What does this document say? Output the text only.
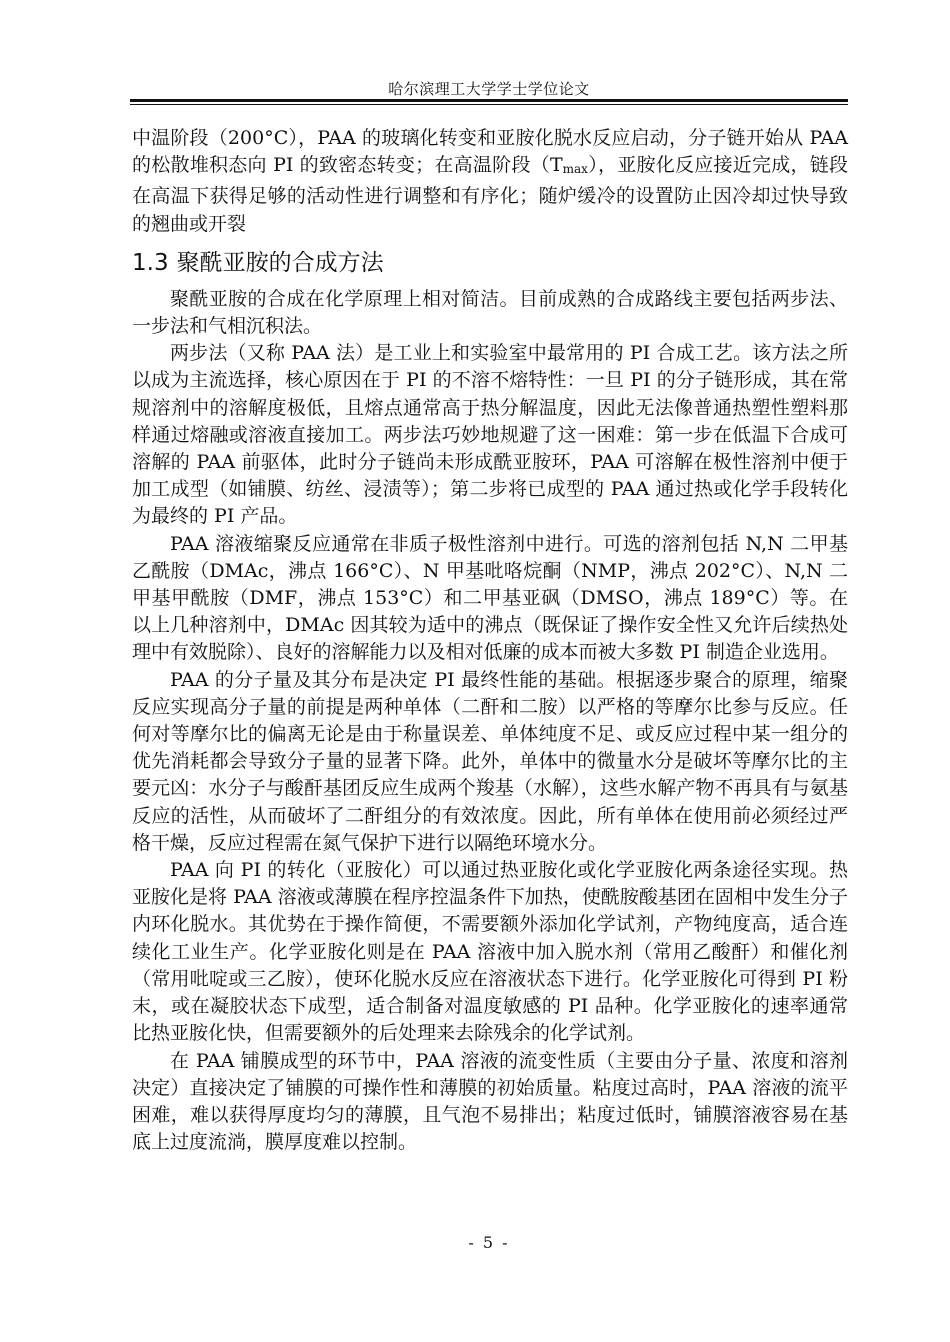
哈尔滨理工大学学士学位论文

中温阶段（200°C），PAA 的玻璃化转变和亚胺化脱水反应启动，分子链开始从 PAA 的松散堆积态向 PI 的致密态转变；在高温阶段$(T_{max})$，亚胺化反应接近完成，链段在高温下获得足够的活动性进行调整和有序化；随炉缓冷的设置防止因冷却过快导致的翘曲或开裂

1.3 聚酰亚胺的合成方法

聚酰亚胺的合成在化学原理上相对简洁。目前成熟的合成路线主要包括两步法、一步法和气相沉积法。

两步法（又称 PAA 法）是工业上和实验室中最常用的 PI 合成工艺。该方法之所以成为主流选择，核心原因在于 PI 的不溶不熔特性：一旦 PI 的分子链形成，其在常规溶剂中的溶解度极低，且熔点通常高于热分解温度，因此无法像普通热塑性塑料那样通过熔融或溶液直接加工。两步法巧妙地规避了这一困难：第一步在低温下合成可溶解的 PAA 前驱体，此时分子链尚未形成酰亚胺环，PAA 可溶解在极性溶剂中便于加工成型（如铺膜、纺丝、浸渍等）；第二步将已成型的 PAA 通过热或化学手段转化为最终的 PI 产品。

PAA 溶液缩聚反应通常在非质子极性溶剂中进行。可选的溶剂包括 N,N 二甲基乙酰胺（DMAc，沸点 166°C）、N 甲基吡咯烷酮（NMP，沸点 202°C）、N,N 二甲基甲酰胺（DMF，沸点 153°C）和二甲基亚砜（DMSO，沸点 189°C）等。在以上几种溶剂中，DMAc 因其较为适中的沸点（既保证了操作安全性又允许后续热处理中有效脱除）、良好的溶解能力以及相对低廉的成本而被大多数 PI 制造企业选用。

PAA 的分子量及其分布是决定 PI 最终性能的基础。根据逐步聚合的原理，缩聚反应实现高分子量的前提是两种单体（二酐和二胺）以严格的等摩尔比参与反应。任何对等摩尔比的偏离无论是由于称量误差、单体纯度不足、或反应过程中某一组分的优先消耗都会导致分子量的显著下降。此外，单体中的微量水分是破坏等摩尔比的主要元凶：水分子与酸酐基团反应生成两个羧基（水解），这些水解产物不再具有与氨基反应的活性，从而破坏了二酐组分的有效浓度。因此，所有单体在使用前必须经过严格干燥，反应过程需在氮气保护下进行以隔绝环境水分。

PAA 向 PI 的转化（亚胺化）可以通过热亚胺化或化学亚胺化两条途径实现。热亚胺化是将 PAA 溶液或薄膜在程序控温条件下加热，使酰胺酸基团在固相中发生分子内环化脱水。其优势在于操作简便，不需要额外添加化学试剂，产物纯度高，适合连续化工业生产。化学亚胺化则是在 PAA 溶液中加入脱水剂（常用乙酸酐）和催化剂（常用吡啶或三乙胺），使环化脱水反应在溶液状态下进行。化学亚胺化可得到 PI 粉末，或在凝胶状态下成型，适合制备对温度敏感的 PI 品种。化学亚胺化的速率通常比热亚胺化快，但需要额外的后处理来去除残余的化学试剂。

在 PAA 铺膜成型的环节中，PAA 溶液的流变性质（主要由分子量、浓度和溶剂决定）直接决定了铺膜的可操作性和薄膜的初始质量。粘度过高时，PAA 溶液的流平困难，难以获得厚度均匀的薄膜，且气泡不易排出；粘度过低时，铺膜溶液容易在基底上过度流淌，膜厚度难以控制。

- 5 -
